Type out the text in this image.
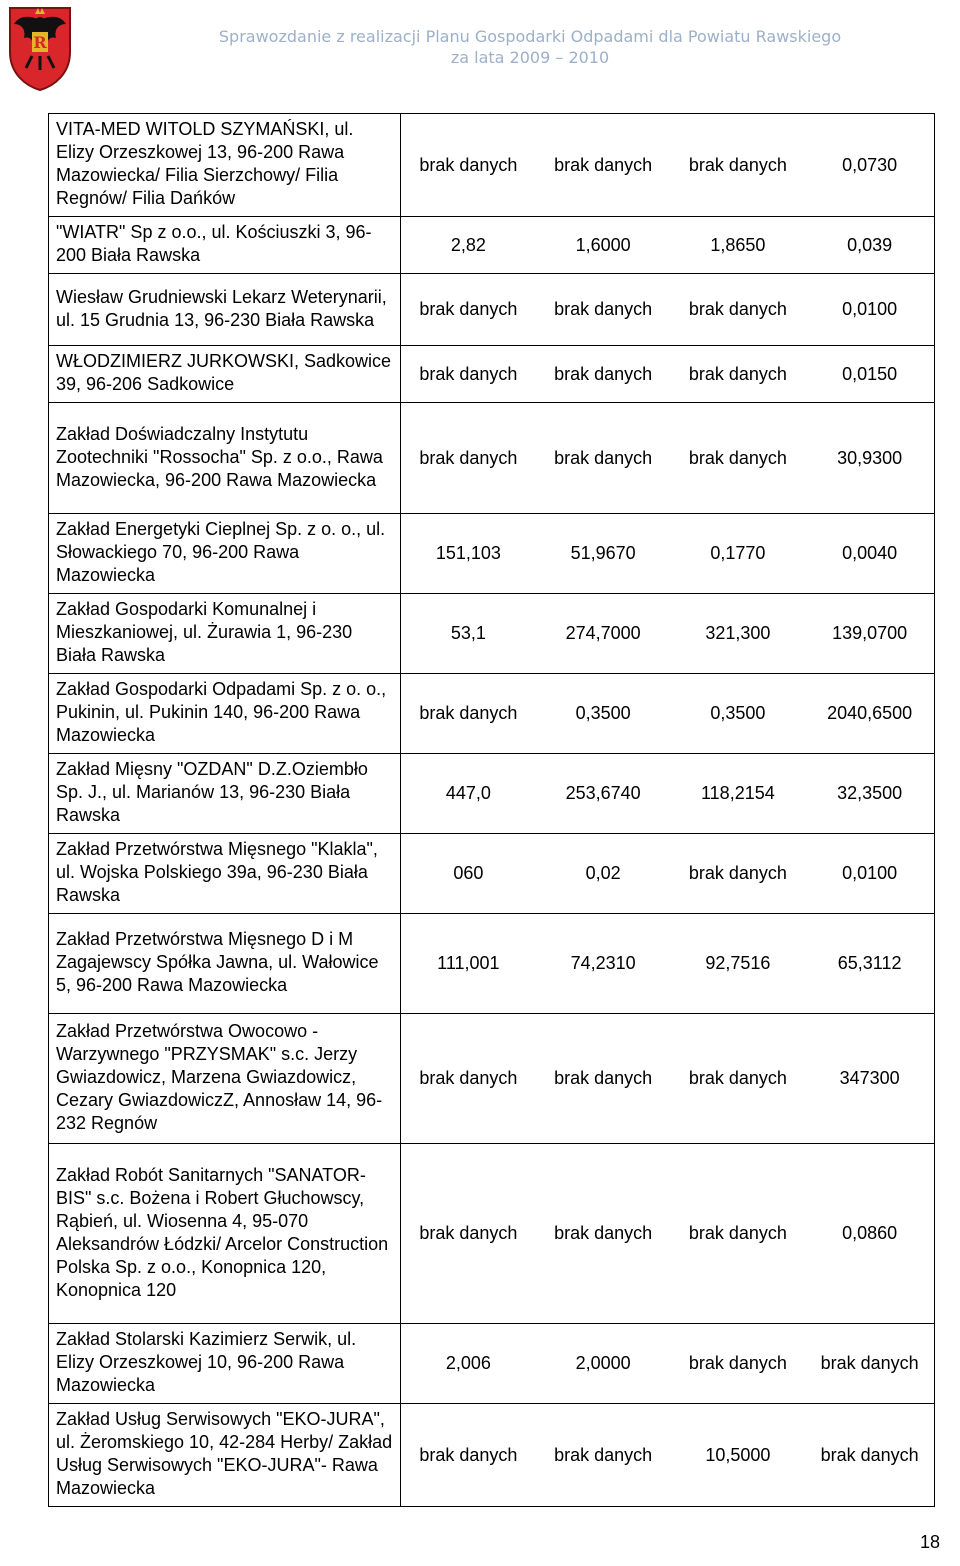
R	Sprawozdanie z realizacji Planu Gospodarki Odpadami dla Powiatu Rawskiego
za lata 2009 – 2010
VITA-MED WITOLD SZYMAŃSKI, ul. Elizy Orzeszkowej 13, 96-200 Rawa Mazowiecka/ Filia Sierzchowy/ Filia Regnów/ Filia Dańków	brak danych brak danych brak danych 0,0730

"WIATR" Sp z o.o., ul. Kościuszki 3, 96-200 Biała Rawska	2,82 1,6000 1,8650 0,039

Wiesław Grudniewski Lekarz Weterynarii, ul. 15 Grudnia 13, 96-230 Biała Rawska	brak danych brak danych brak danych 0,0100

WŁODZIMIERZ JURKOWSKI, Sadkowice 39, 96-206 Sadkowice	brak danych brak danych brak danych 0,0150

Zakład Doświadczalny Instytutu Zootechniki "Rossocha" Sp. z o.o., Rawa Mazowiecka, 96-200 Rawa Mazowiecka	brak danych brak danych brak danych 30,9300

Zakład Energetyki Cieplnej Sp. z o. o., ul. Słowackiego 70, 96-200 Rawa Mazowiecka	151,103 51,9670 0,1770 0,0040

Zakład Gospodarki Komunalnej i Mieszkaniowej, ul. Żurawia 1, 96-230 Biała Rawska	53,1 274,7000 321,300 139,0700

Zakład Gospodarki Odpadami Sp. z o. o., Pukinin, ul. Pukinin 140, 96-200 Rawa Mazowiecka	brak danych 0,3500 0,3500 2040,6500

Zakład Mięsny "OZDAN" D.Z.Oziembło Sp. J., ul. Marianów 13, 96-230 Biała Rawska	447,0 253,6740 118,2154 32,3500

Zakład Przetwórstwa Mięsnego "Klakla", ul. Wojska Polskiego 39a, 96-230 Biała Rawska	060 0,02 brak danych 0,0100

Zakład Przetwórstwa Mięsnego D i M Zagajewscy Spółka Jawna, ul. Wałowice 5, 96-200 Rawa Mazowiecka	111,001 74,2310 92,7516 65,3112

Zakład Przetwórstwa Owocowo - Warzywnego "PRZYSMAK" s.c. Jerzy Gwiazdowicz, Marzena Gwiazdowicz, Cezary GwiazdowiczZ, Annosław 14, 96-232 Regnów	brak danych brak danych brak danych 347300

Zakład Robót Sanitarnych "SANATOR-BIS" s.c. Bożena i Robert Głuchowscy, Rąbień, ul. Wiosenna 4, 95-070 Aleksandrów Łódzki/ Arcelor Construction Polska Sp. z o.o., Konopnica 120, Konopnica 120	brak danych brak danych brak danych 0,0860

Zakład Stolarski Kazimierz Serwik, ul. Elizy Orzeszkowej 10, 96-200 Rawa Mazowiecka	2,006 2,0000 brak danych brak danych

Zakład Usług Serwisowych "EKO-JURA", ul. Żeromskiego 10, 42-284 Herby/ Zakład Usług Serwisowych "EKO-JURA"- Rawa Mazowiecka	brak danych brak danych 10,5000 brak danych
18
